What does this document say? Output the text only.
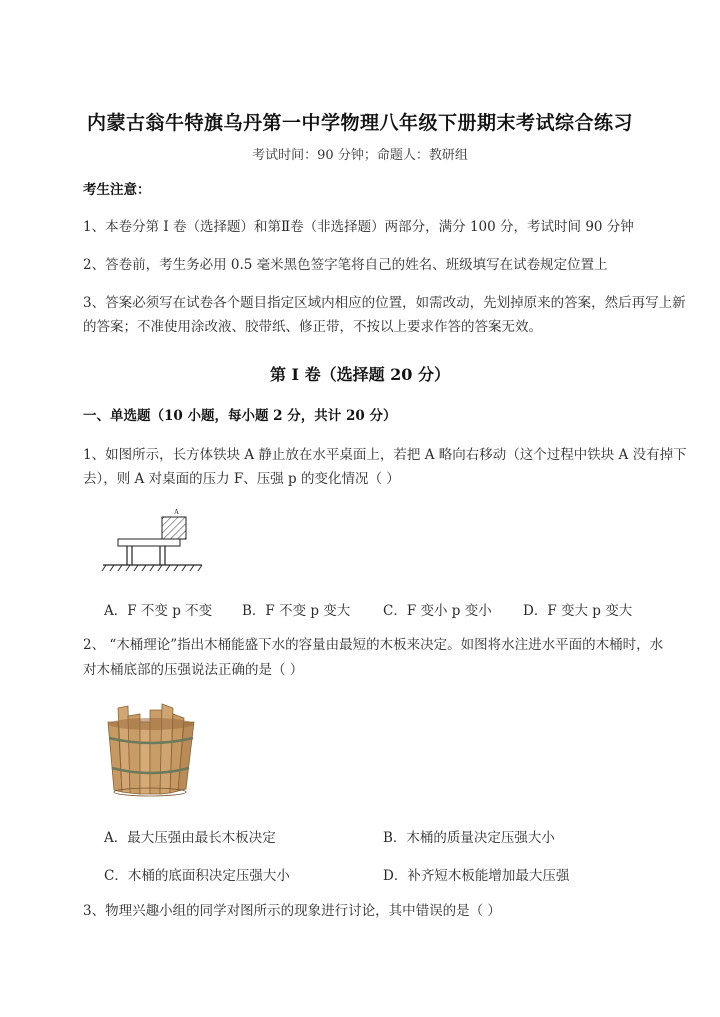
内蒙古翁牛特旗乌丹第一中学物理八年级下册期末考试综合练习
考试时间：90 分钟；命题人：教研组
考生注意：
1、本卷分第 I 卷（选择题）和第Ⅱ卷（非选择题）两部分，满分 100 分，考试时间 90 分钟
2、答卷前，考生务必用 0.5 毫米黑色签字笔将自己的姓名、班级填写在试卷规定位置上
3、答案必须写在试卷各个题目指定区域内相应的位置，如需改动，先划掉原来的答案，然后再写上新
的答案；不准使用涂改液、胶带纸、修正带，不按以上要求作答的答案无效。
第 I 卷（选择题 20 分）
一、单选题（10 小题，每小题 2 分，共计 20 分）
1、如图所示，长方体铁块 A 静止放在水平桌面上，若把 A 略向右移动（这个过程中铁块 A 没有掉下
去），则 A 对桌面的压力 F、压强 p 的变化情况（ ）
A
A．F 不变 p 不变 B．F 不变 p 变大 C．F 变小 p 变小 D．F 变大 p 变大
2、 “木桶理论”指出木桶能盛下水的容量由最短的木板来决定。如图将水注进水平面的木桶时，水
对木桶底部的压强说法正确的是（ ）
A．最大压强由最长木板决定	B．木桶的质量决定压强大小
C．木桶的底面积决定压强大小	D．补齐短木板能增加最大压强
3、物理兴趣小组的同学对图所示的现象进行讨论，其中错误的是（ ）
